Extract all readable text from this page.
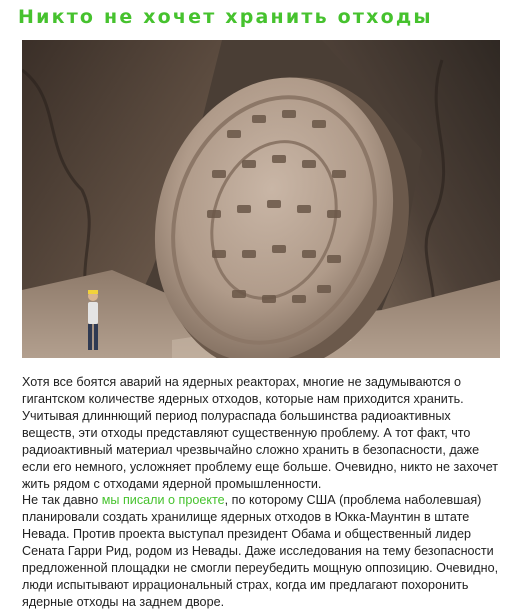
Никто не хочет хранить отходы

Хотя все боятся аварий на ядерных реакторах, многие не задумываются о гигантском количестве ядерных отходов, которые нам приходится хранить. Учитывая длиннющий период полураспада большинства радиоактивных веществ, эти отходы представляют существенную проблему. А тот факт, что радиоактивный материал чрезвычайно сложно хранить в безопасности, даже если его немного, усложняет проблему еще больше. Очевидно, никто не захочет жить рядом с отходами ядерной промышленности.

Не так давно мы писали о проекте, по которому США (проблема наболевшая) планировали создать хранилище ядерных отходов в Юкка-Маунтин в штате Невада. Против проекта выступал президент Обама и общественный лидер Сената Гарри Рид, родом из Невады. Даже исследования на тему безопасности предложенной площадки не смогли переубедить мощную оппозицию. Очевидно, люди испытывают иррациональный страх, когда им предлагают похоронить ядерные отходы на заднем дворе.
